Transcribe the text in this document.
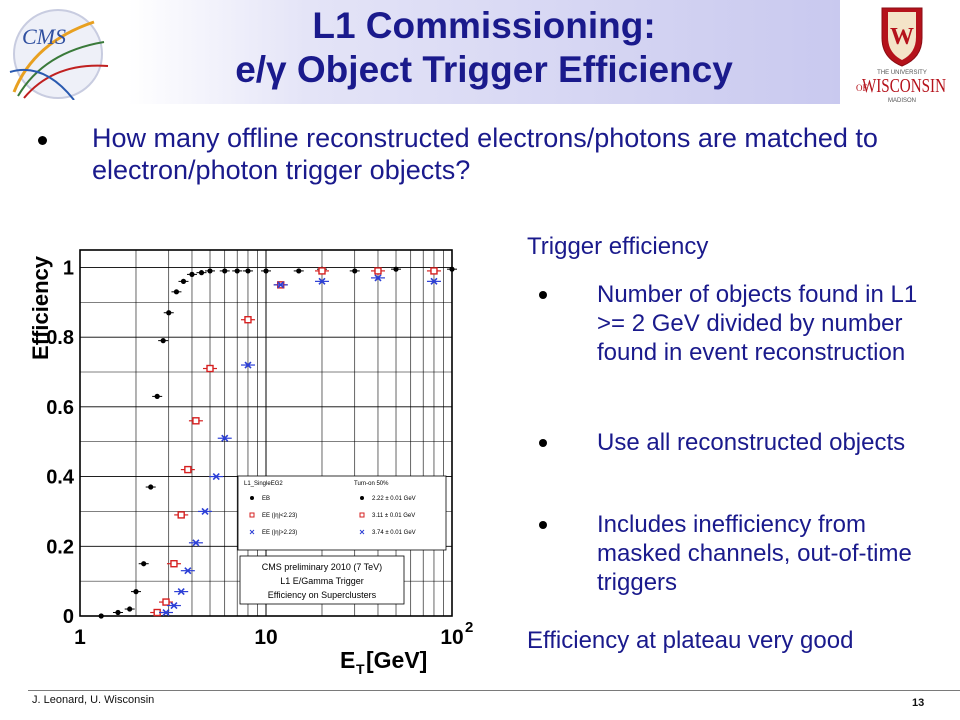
CMS	L1 Commissioning:
e/γ Object Trigger Efficiency
W
THE UNIVERSITY
OF
WISCONSIN
MADISON
How many offline reconstructed electrons/photons are matched to electron/photon trigger objects?
0
0.2
0.4
0.6
0.8
1
1	10	10 2
Efficiency
E T [GeV]
L1_SingleEG2	Turn-on 50%
EB	2.22 ± 0.01 GeV
EE (|η|<2.23)	3.11 ± 0.01 GeV
EE (|η|>2.23)	3.74 ± 0.01 GeV
CMS preliminary 2010 (7 TeV)
L1 E/Gamma Trigger
Efficiency on Superclusters
Trigger efficiency
Number of objects found in L1 >= 2 GeV divided by number found in event reconstruction
Use all reconstructed objects
Includes inefficiency from masked channels, out-of-time triggers
Efficiency at plateau very good
J. Leonard, U. Wisconsin	13
